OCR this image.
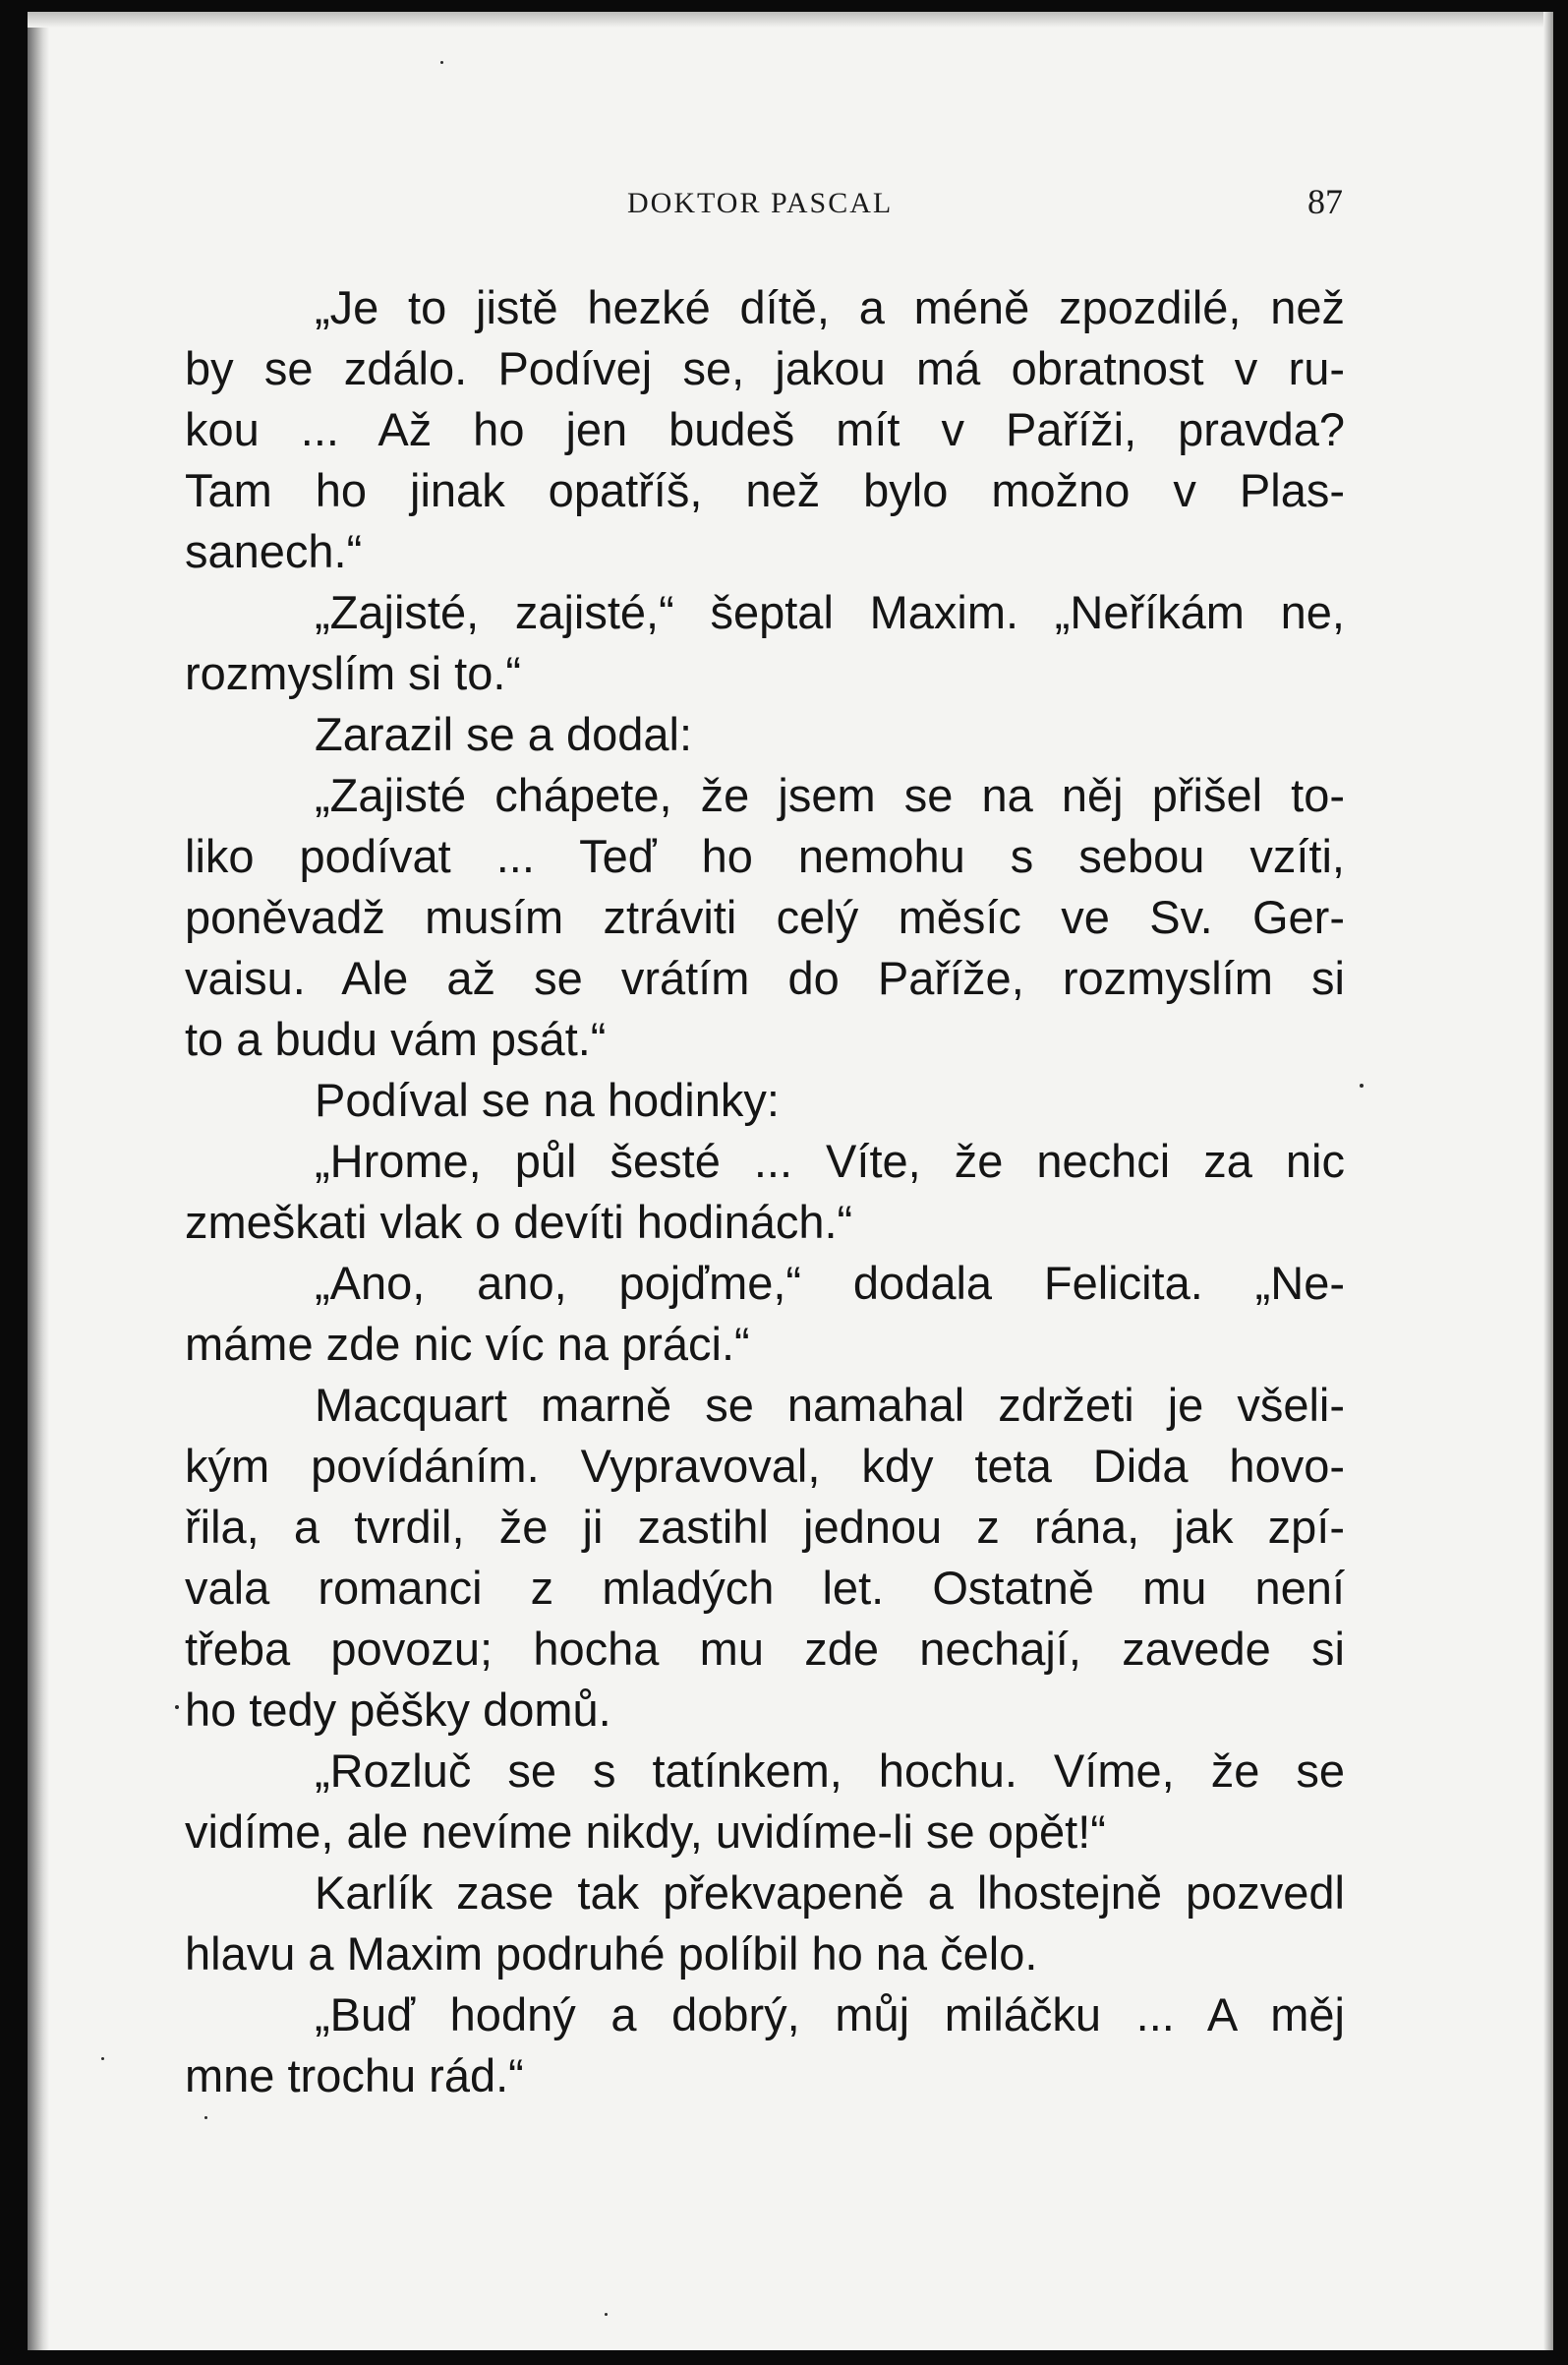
DOKTOR PASCAL	87
„Je to jistě hezké dítě, a méně zpozdilé, než
by se zdálo. Podívej se, jakou má obratnost v ru-
kou ... Až ho jen budeš mít v Paříži, pravda?
Tam ho jinak opatříš, než bylo možno v Plas-
sanech.“
„Zajisté, zajisté,“ šeptal Maxim. „Neříkám ne,
rozmyslím si to.“
Zarazil se a dodal:
„Zajisté chápete, že jsem se na něj přišel to-
liko podívat ... Teď ho nemohu s sebou vzíti,
poněvadž musím ztráviti celý měsíc ve Sv. Ger-
vaisu. Ale až se vrátím do Paříže, rozmyslím si
to a budu vám psát.“
Podíval se na hodinky:
„Hrome, půl šesté ... Víte, že nechci za nic
zmeškati vlak o devíti hodinách.“
„Ano, ano, pojďme,“ dodala Felicita. „Ne-
máme zde nic víc na práci.“
Macquart marně se namahal zdržeti je všeli-
kým povídáním. Vypravoval, kdy teta Dida hovo-
řila, a tvrdil, že ji zastihl jednou z rána, jak zpí-
vala romanci z mladých let. Ostatně mu není
třeba povozu; hocha mu zde nechají, zavede si
ho tedy pěšky domů.
„Rozluč se s tatínkem, hochu. Víme, že se
vidíme, ale nevíme nikdy, uvidíme-li se opět!“
Karlík zase tak překvapeně a lhostejně pozvedl
hlavu a Maxim podruhé políbil ho na čelo.
„Buď hodný a dobrý, můj miláčku ... A měj
mne trochu rád.“
